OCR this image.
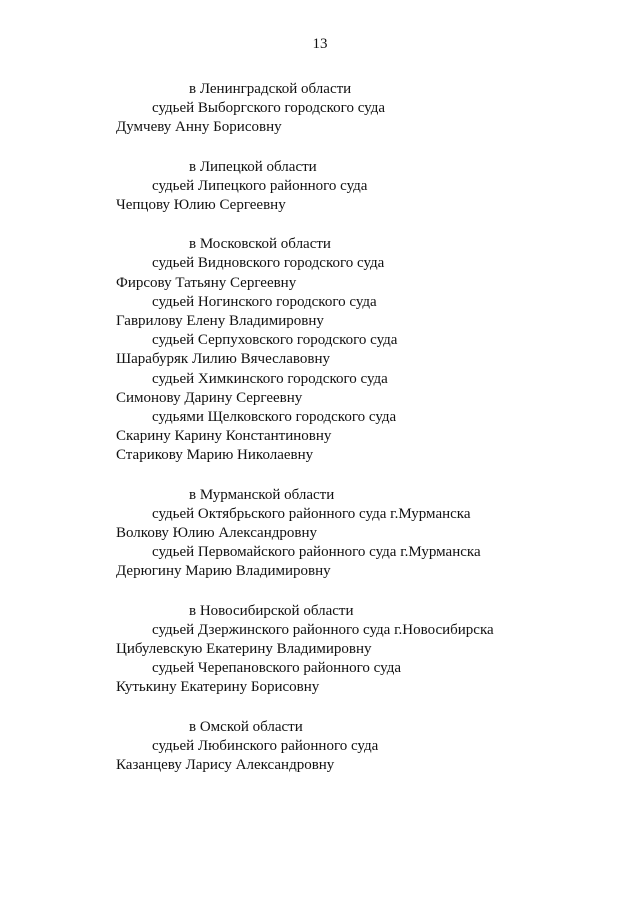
13
в Ленинградской области
судьей Выборгского городского суда
Думчеву Анну Борисовну
в Липецкой области
судьей Липецкого районного суда
Чепцову Юлию Сергеевну
в Московской области
судьей Видновского городского суда
Фирсову Татьяну Сергеевну
судьей Ногинского городского суда
Гаврилову Елену Владимировну
судьей Серпуховского городского суда
Шарабуряк Лилию Вячеславовну
судьей Химкинского городского суда
Симонову Дарину Сергеевну
судьями Щелковского городского суда
Скарину Карину Константиновну
Старикову Марию Николаевну
в Мурманской области
судьей Октябрьского районного суда г.Мурманска
Волкову Юлию Александровну
судьей Первомайского районного суда г.Мурманска
Дерюгину Марию Владимировну
в Новосибирской области
судьей Дзержинского районного суда г.Новосибирска
Цибулевскую Екатерину Владимировну
судьей Черепановского районного суда
Кутькину Екатерину Борисовну
в Омской области
судьей Любинского районного суда
Казанцеву Ларису Александровну
